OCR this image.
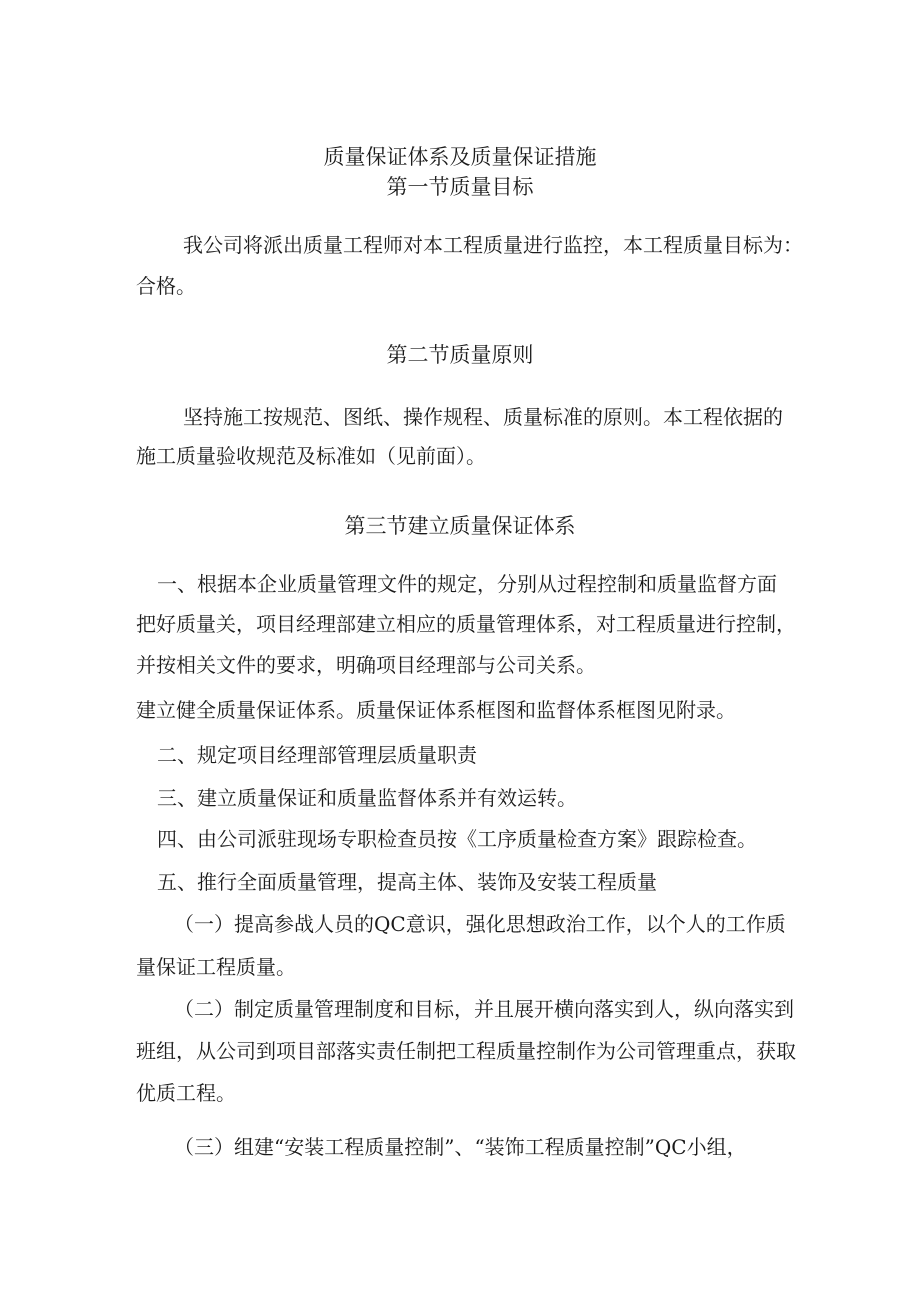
质量保证体系及质量保证措施
第一节质量目标
我公司将派出质量工程师对本工程质量进行监控，本工程质量目标为：
合格。
第二节质量原则
坚持施工按规范、图纸、操作规程、质量标准的原则。本工程依据的
施工质量验收规范及标准如（见前面）。
第三节建立质量保证体系
一、根据本企业质量管理文件的规定，分别从过程控制和质量监督方面
把好质量关，项目经理部建立相应的质量管理体系，对工程质量进行控制，
并按相关文件的要求，明确项目经理部与公司关系。
建立健全质量保证体系。质量保证体系框图和监督体系框图见附录。
二、规定项目经理部管理层质量职责
三、建立质量保证和质量监督体系并有效运转。
四、由公司派驻现场专职检查员按《工序质量检查方案》跟踪检查。
五、推行全面质量管理，提高主体、装饰及安装工程质量
（一）提高参战人员的QC意识，强化思想政治工作，以个人的工作质
量保证工程质量。
（二）制定质量管理制度和目标，并且展开横向落实到人，纵向落实到
班组，从公司到项目部落实责任制把工程质量控制作为公司管理重点，获取
优质工程。
（三）组建“安装工程质量控制”、“装饰工程质量控制”QC小组，
